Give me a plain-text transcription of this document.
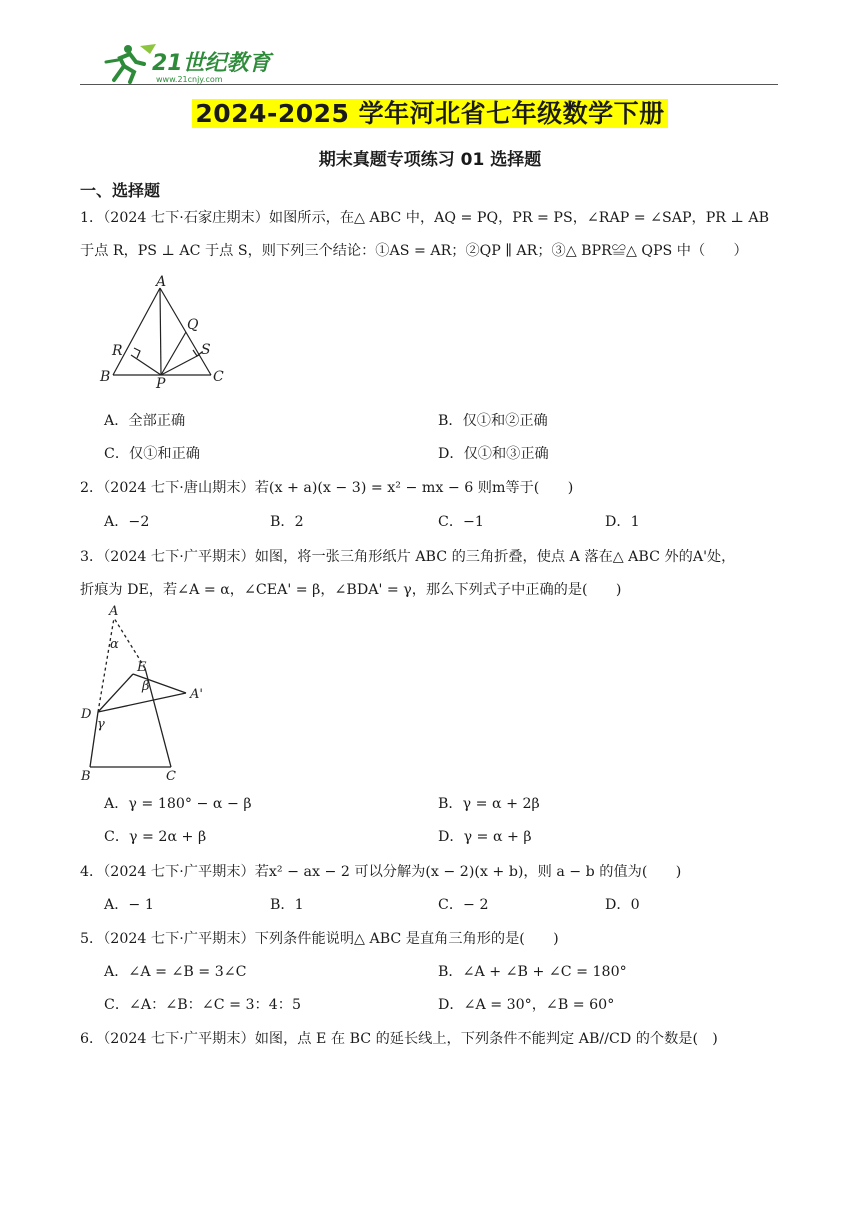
21世纪教育
www.21cnjy.com
2024-2025 学年河北省七年级数学下册
期末真题专项练习 01 选择题
一、选择题
1．（2024 七下·石家庄期末）如图所示，在△ ABC 中，AQ = PQ，PR = PS，∠RAP = ∠SAP，PR ⊥ AB
于点 R，PS ⊥ AC 于点 S，则下列三个结论：①AS = AR；②QP ∥ AR；③△ BPR≌△ QPS 中（　　）
A
Q
R	S
B	P	C
A．全部正确	B．仅①和②正确
C．仅①和正确	D．仅①和③正确
2．（2024 七下·唐山期末）若(x + a)(x − 3) = x² − mx − 6 则m等于(　　)
A．−2	B．2	C．−1	D．1
3．（2024 七下·广平期末）如图，将一张三角形纸片 ABC 的三角折叠，使点 A 落在△ ABC 外的A'处，
折痕为 DE，若∠A = α，∠CEA' = β，∠BDA' = γ，那么下列式子中正确的是(　　)
A
α
E
β
A'
D
γ
B	C
A．γ = 180° − α − β	B．γ = α + 2β
C．γ = 2α + β	D．γ = α + β
4．（2024 七下·广平期末）若x² − ax − 2 可以分解为(x − 2)(x + b)，则 a − b 的值为(　　)
A．− 1	B．1	C．− 2	D．0
5．（2024 七下·广平期末）下列条件能说明△ ABC 是直角三角形的是(　　)
A．∠A = ∠B = 3∠C	B．∠A + ∠B + ∠C = 180°
C．∠A：∠B：∠C = 3：4：5	D．∠A = 30°，∠B = 60°
6．（2024 七下·广平期末）如图，点 E 在 BC 的延长线上，下列条件不能判定 AB//CD 的个数是(　)
